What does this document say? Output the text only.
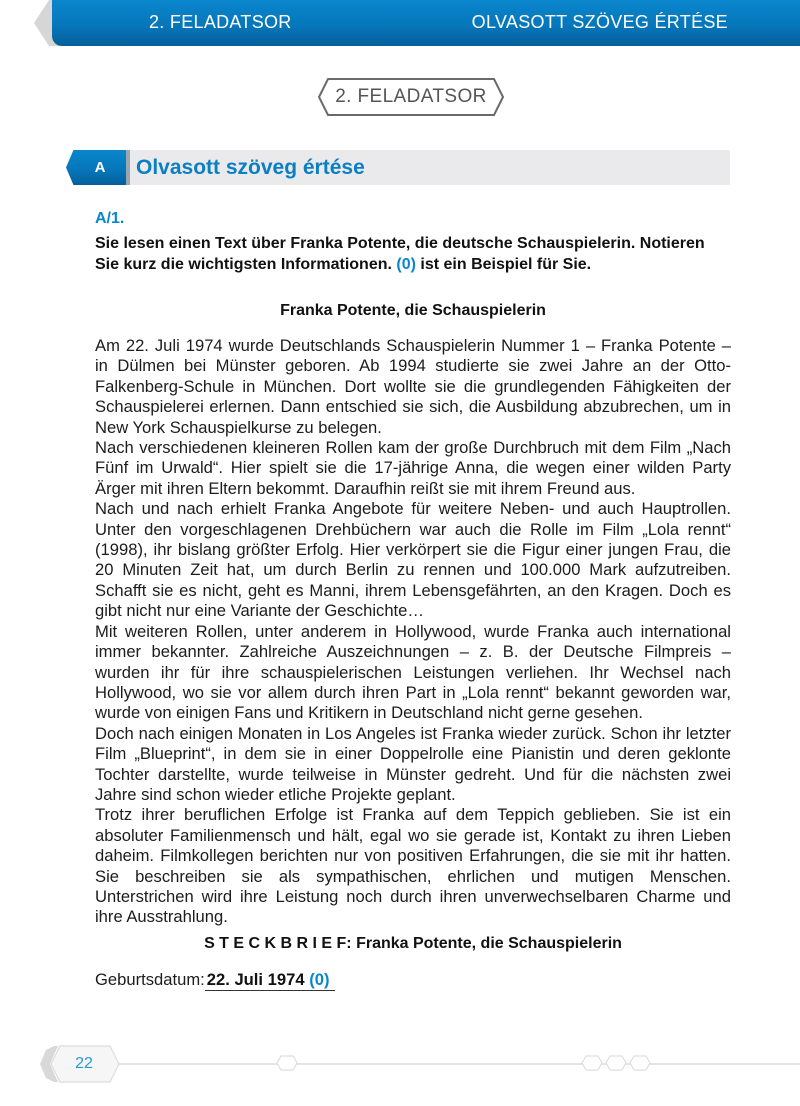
2. FELADATSOR	OLVASOTT SZÖVEG ÉRTÉSE
2. FELADATSOR
A	Olvasott szöveg értése
A/1.
Sie lesen einen Text über Franka Potente, die deutsche Schauspielerin. Notieren Sie kurz die wichtigsten Informationen. (0) ist ein Beispiel für Sie.
Franka Potente, die Schauspielerin

Am 22. Juli 1974 wurde Deutschlands Schauspielerin Nummer 1 – Franka Potente – in Dülmen bei Münster geboren. Ab 1994 studierte sie zwei Jahre an der Otto-Falkenberg-Schule in München. Dort wollte sie die grundlegenden Fähigkeiten der Schauspielerei erlernen. Dann entschied sie sich, die Ausbildung abzubrechen, um in New York Schauspielkurse zu belegen.

Nach verschiedenen kleineren Rollen kam der große Durchbruch mit dem Film „Nach Fünf im Urwald“. Hier spielt sie die 17-jährige Anna, die wegen einer wilden Party Ärger mit ihren Eltern bekommt. Daraufhin reißt sie mit ihrem Freund aus.

Nach und nach erhielt Franka Angebote für weitere Neben- und auch Hauptrollen. Unter den vorgeschlagenen Drehbüchern war auch die Rolle im Film „Lola rennt“ (1998), ihr bislang größter Erfolg. Hier verkörpert sie die Figur einer jungen Frau, die 20 Minuten Zeit hat, um durch Berlin zu rennen und 100.000 Mark aufzutreiben. Schafft sie es nicht, geht es Manni, ihrem Lebensgefährten, an den Kragen. Doch es gibt nicht nur eine Variante der Geschichte…

Mit weiteren Rollen, unter anderem in Hollywood, wurde Franka auch international immer bekannter. Zahlreiche Auszeichnungen – z. B. der Deutsche Filmpreis – wurden ihr für ihre schauspielerischen Leistungen verliehen. Ihr Wechsel nach Hollywood, wo sie vor allem durch ihren Part in „Lola rennt“ bekannt geworden war, wurde von einigen Fans und Kritikern in Deutschland nicht gerne gesehen.

Doch nach einigen Monaten in Los Angeles ist Franka wieder zurück. Schon ihr letzter Film „Blueprint“, in dem sie in einer Doppelrolle eine Pianistin und deren geklonte Tochter darstellte, wurde teilweise in Münster gedreht. Und für die nächsten zwei Jahre sind schon wieder etliche Projekte geplant.

Trotz ihrer beruflichen Erfolge ist Franka auf dem Teppich geblieben. Sie ist ein absoluter Familienmensch und hält, egal wo sie gerade ist, Kontakt zu ihren Lieben daheim. Filmkollegen berichten nur von positiven Erfahrungen, die sie mit ihr hatten. Sie beschreiben sie als sympathischen, ehrlichen und mutigen Menschen. Unterstrichen wird ihre Leistung noch durch ihren unverwechselbaren Charme und ihre Ausstrahlung.

S T E C K B R I E F: Franka Potente, die Schauspielerin
Geburtsdatum: 22. Juli 1974 (0)
22
